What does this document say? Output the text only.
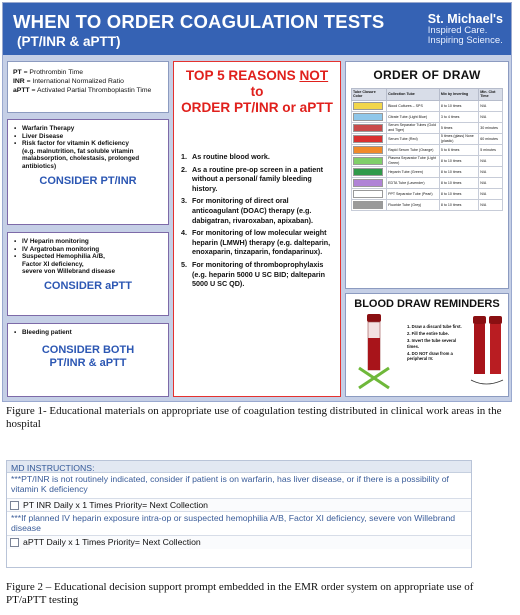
WHEN TO ORDER COAGULATION TESTS
(PT/INR & aPTT)
St. Michael's
Inspired Care.
Inspiring Science.
PT = Prothrombin Time
INR = International Normalized Ratio
aPTT = Activated Partial Thromboplastin Time
▪ Warfarin Therapy
▪ Liver Disease
▪ Risk factor for vitamin K deficiency
(e.g. malnutrition, fat soluble vitamin malabsorption, cholestasis, prolonged antibiotics)
CONSIDER PT/INR
▪ IV Heparin monitoring
▪ IV Argatroban monitoring
▪ Suspected Hemophilia A/B,
Factor XI deficiency,
severe von Willebrand disease
CONSIDER aPTT
▪ Bleeding patient
CONSIDER BOTH
PT/INR & aPTT
TOP 5 REASONS NOT to
ORDER PT/INR or aPTT
1. As routine blood work.
2. As a routine pre-op screen in a patient without a personal/ family bleeding history.
3. For monitoring of direct oral anticoagulant (DOAC) therapy (e.g. dabigatran, rivaroxaban, apixaban).
4. For monitoring of low molecular weight heparin (LMWH) therapy (e.g. dalteparin, enoxaparin, tinzaparin, fondaparinux).
5. For monitoring of thromboprophylaxis (e.g. heparin 5000 U SC BID; dalteparin 5000 U SC QD).
ORDER OF DRAW
Tube Closure Color	Collection Tube	Mix by Inverting	Min. Clot Time

	Blood Cultures – SPS	8 to 10 times	N/A

	Citrate Tube (Light Blue)	3 to 4 times	N/A

	Serum Separator Tubes (Gold and Tiger)	5 times	30 minutes

	Serum Tube (Red)	5 times (glass) None (plastic)	60 minutes

	Rapid Serum Tube (Orange)	5 to 6 times	5 minutes

	Plasma Separator Tube (Light Green)	8 to 10 times	N/A

	Heparin Tube (Green)	8 to 10 times	N/A

	EDTA Tube (Lavender)	8 to 10 times	N/A

	PPT Separator Tube (Pearl)	8 to 10 times	N/A

	Fluoride Tube (Grey)	8 to 10 times	N/A
BLOOD DRAW REMINDERS
1. Draw a discard tube first.
2. Fill the entire tube.
3. Invert the tube several times.
4. DO NOT draw from a peripheral IV.
Figure 1- Educational materials on appropriate use of coagulation testing distributed in clinical work areas in the hospital
MD INSTRUCTIONS:
***PT/INR is not routinely indicated, consider if patient is on warfarin, has liver disease, or if there is a possibility of vitamin K deficiency
PT INR Daily x 1 Times Priority= Next Collection
***If planned IV heparin exposure intra-op or suspected hemophilia A/B, Factor XI deficiency, severe von Willebrand disease
aPTT Daily x 1 Times Priority= Next Collection
Figure 2 – Educational decision support prompt embedded in the EMR order system on appropriate use of PT/aPTT testing
